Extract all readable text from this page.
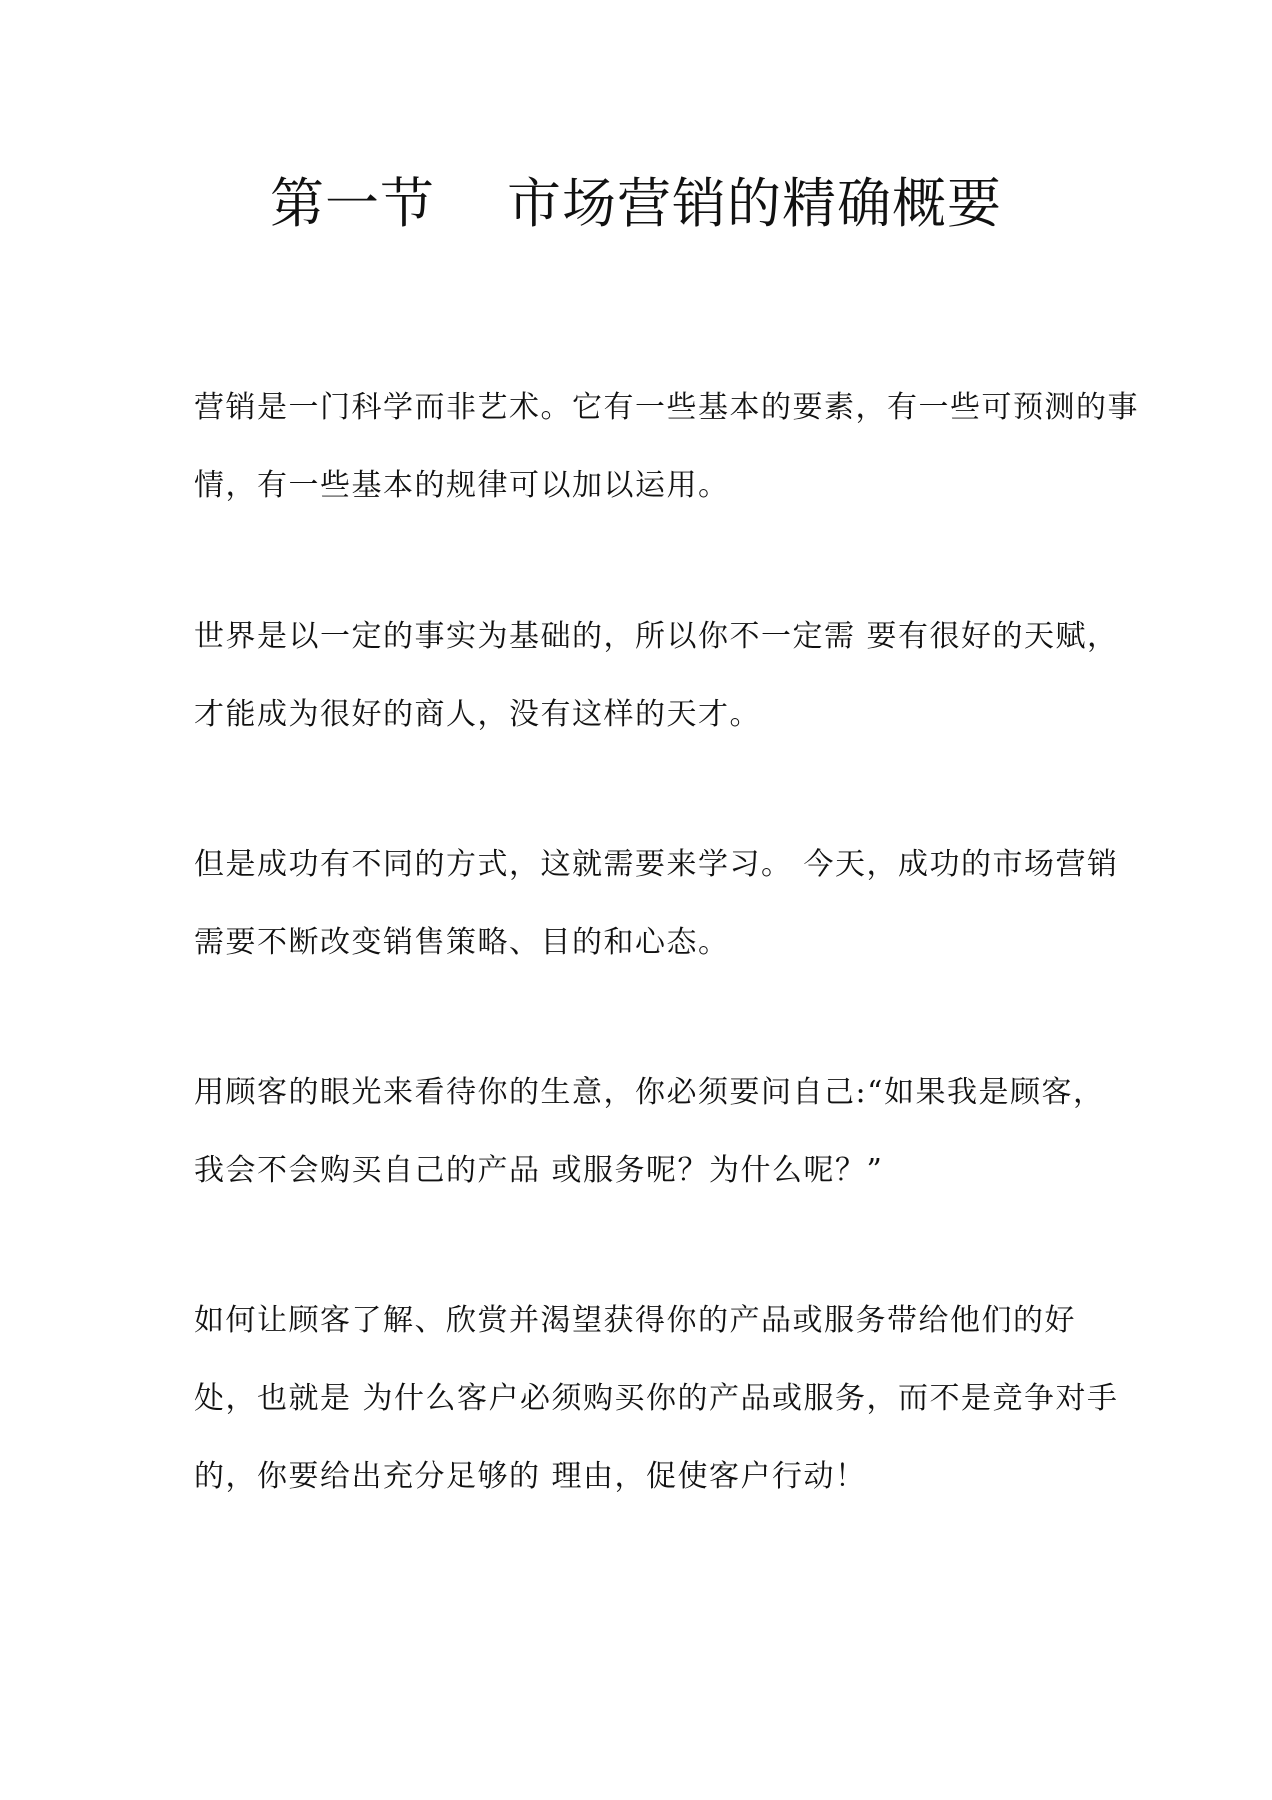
第一节 市场营销的精确概要
营销是一门科学而非艺术。它有一些基本的要素，有一些可预测的事
情，有一些基本的规律可以加以运用。
世界是以一定的事实为基础的，所以你不一定需 要有很好的天赋，
才能成为很好的商人，没有这样的天才。
但是成功有不同的方式，这就需要来学习。 今天，成功的市场营销
需要不断改变销售策略、目的和心态。
用顾客的眼光来看待你的生意，你必须要问自己:“如果我是顾客，
我会不会购买自己的产品 或服务呢？为什么呢？”
如何让顾客了解、欣赏并渴望获得你的产品或服务带给他们的好
处，也就是 为什么客户必须购买你的产品或服务，而不是竞争对手
的，你要给出充分足够的 理由，促使客户行动！
